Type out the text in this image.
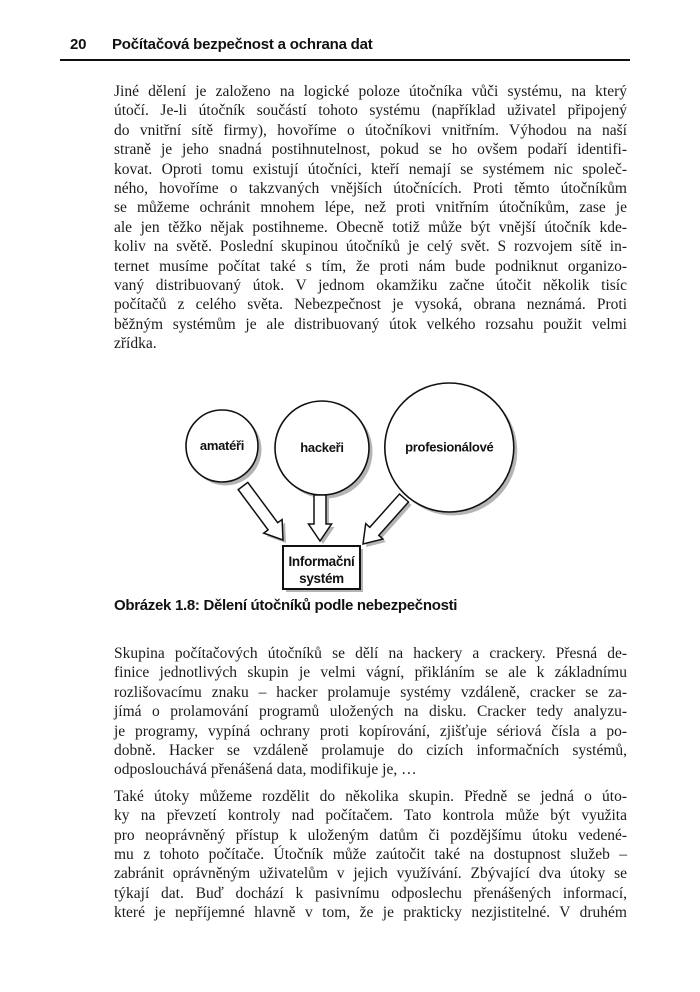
20 Počítačová bezpečnost a ochrana dat
Jiné dělení je založeno na logické poloze útočníka vůči systému, na který
útočí. Je-li útočník součástí tohoto systému (například uživatel připojený
do vnitřní sítě firmy), hovoříme o útočníkovi vnitřním. Výhodou na naší
straně je jeho snadná postihnutelnost, pokud se ho ovšem podaří identifi-
kovat. Oproti tomu existují útočníci, kteří nemají se systémem nic společ-
ného, hovoříme o takzvaných vnějších útočnících. Proti těmto útočníkům
se můžeme ochránit mnohem lépe, než proti vnitřním útočníkům, zase je
ale jen těžko nějak postihneme. Obecně totiž může být vnější útočník kde-
koliv na světě. Poslední skupinou útočníků je celý svět. S rozvojem sítě in-
ternet musíme počítat také s tím, že proti nám bude podniknut organizo-
vaný distribuovaný útok. V jednom okamžiku začne útočit několik tisíc
počítačů z celého světa. Nebezpečnost je vysoká, obrana neznámá. Proti
běžným systémům je ale distribuovaný útok velkého rozsahu použit velmi
zřídka.
amatéři	hackeři	profesionálové
Informační
systém
Obrázek 1.8: Dělení útočníků podle nebezpečnosti
Skupina počítačových útočníků se dělí na hackery a crackery. Přesná de-
finice jednotlivých skupin je velmi vágní, přikláním se ale k základnímu
rozlišovacímu znaku – hacker prolamuje systémy vzdáleně, cracker se za-
jímá o prolamování programů uložených na disku. Cracker tedy analyzu-
je programy, vypíná ochrany proti kopírování, zjišťuje sériová čísla a po-
dobně. Hacker se vzdáleně prolamuje do cizích informačních systémů,
odposlouchává přenášená data, modifikuje je, …
Také útoky můžeme rozdělit do několika skupin. Předně se jedná o úto-
ky na převzetí kontroly nad počítačem. Tato kontrola může být využita
pro neoprávněný přístup k uloženým datům či pozdějšímu útoku vedené-
mu z tohoto počítače. Útočník může zaútočit také na dostupnost služeb –
zabránit oprávněným uživatelům v jejich využívání. Zbývající dva útoky se
týkají dat. Buď dochází k pasivnímu odposlechu přenášených informací,
které je nepříjemné hlavně v tom, že je prakticky nezjistitelné. V druhém
